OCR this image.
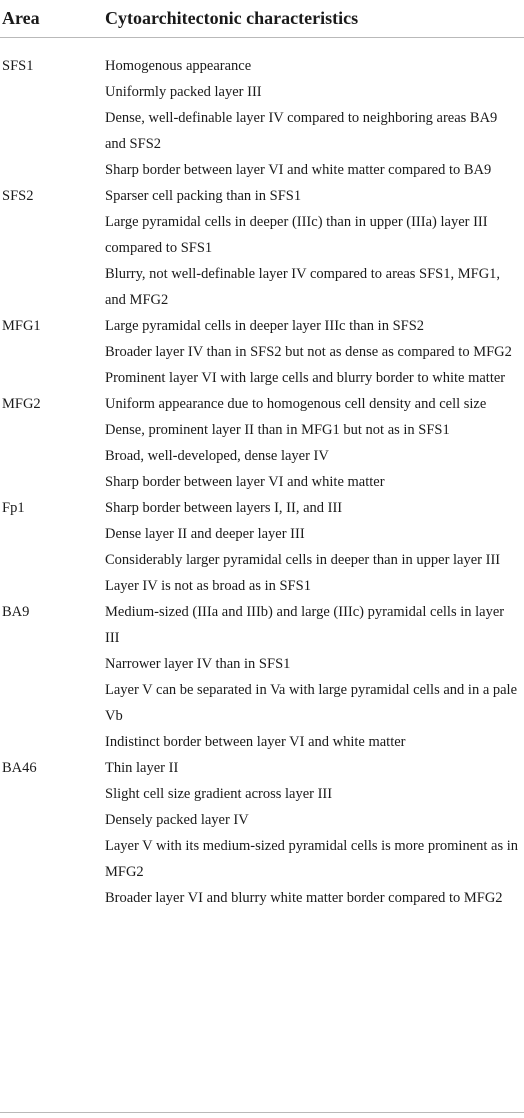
Area	Cytoarchitectonic characteristics
SFS1	Homogenous appearance
Uniformly packed layer III
Dense, well-definable layer IV compared to neighboring areas BA9 and SFS2
Sharp border between layer VI and white matter compared to BA9
SFS2	Sparser cell packing than in SFS1
Large pyramidal cells in deeper (IIIc) than in upper (IIIa) layer III compared to SFS1
Blurry, not well-definable layer IV compared to areas SFS1, MFG1, and MFG2
MFG1	Large pyramidal cells in deeper layer IIIc than in SFS2
Broader layer IV than in SFS2 but not as dense as compared to MFG2
Prominent layer VI with large cells and blurry border to white matter
MFG2	Uniform appearance due to homogenous cell density and cell size
Dense, prominent layer II than in MFG1 but not as in SFS1
Broad, well-developed, dense layer IV
Sharp border between layer VI and white matter
Fp1	Sharp border between layers I, II, and III
Dense layer II and deeper layer III
Considerably larger pyramidal cells in deeper than in upper layer III
Layer IV is not as broad as in SFS1
BA9	Medium-sized (IIIa and IIIb) and large (IIIc) pyramidal cells in layer III
Narrower layer IV than in SFS1
Layer V can be separated in Va with large pyramidal cells and in a pale Vb
Indistinct border between layer VI and white matter
BA46	Thin layer II
Slight cell size gradient across layer III
Densely packed layer IV
Layer V with its medium-sized pyramidal cells is more prominent as in MFG2
Broader layer VI and blurry white matter border compared to MFG2
